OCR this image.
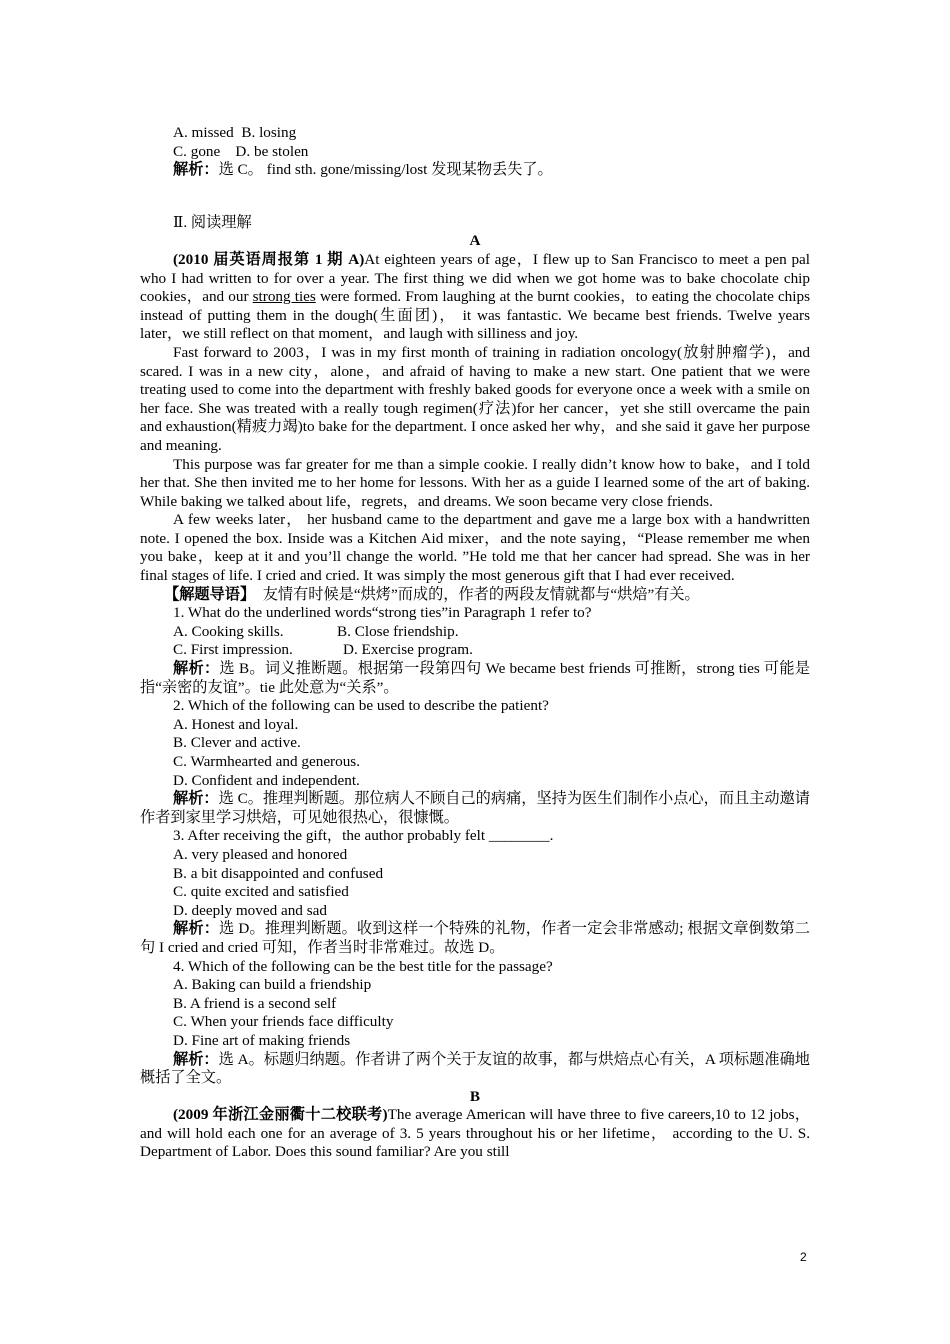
A. missed  B. losing

C. gone    D. be stolen

解析：选 C。 find sth. gone/missing/lost 发现某物丢失了。

Ⅱ. 阅读理解

A

(2010 届英语周报第 1 期 A)At eighteen years of age，I flew up to San Francisco to meet a pen pal who I had written to for over a year. The first thing we did when we got home was to bake chocolate chip cookies，and our strong ties were formed. From laughing at the burnt cookies，to eating the chocolate chips instead of putting them in the dough(生面团)， it was fantastic. We became best friends. Twelve years later，we still reflect on that moment，and laugh with silliness and joy.

Fast forward to 2003，I was in my first month of training in radiation oncology(放射肿瘤学)，and scared. I was in a new city，alone，and afraid of having to make a new start. One patient that we were treating used to come into the department with freshly baked goods for everyone once a week with a smile on her face. She was treated with a really tough regimen(疗法)for her cancer，yet she still overcame the pain and exhaustion(精疲力竭)to bake for the department. I once asked her why，and she said it gave her purpose and meaning.

This purpose was far greater for me than a simple cookie. I really didn’t know how to bake，and I told her that. She then invited me to her home for lessons. With her as a guide I learned some of the art of baking. While baking we talked about life，regrets，and dreams. We soon became very close friends.

A few weeks later， her husband came to the department and gave me a large box with a handwritten note. I opened the box. Inside was a Kitchen Aid mixer，and the note saying，“Please remember me when you bake，keep at it and you’ll change the world. ”He told me that her cancer had spread. She was in her final stages of life. I cried and cried. It was simply the most generous gift that I had ever received.

【解题导语】  友情有时候是“烘烤”而成的，作者的两段友情就都与“烘焙”有关。

1. What do the underlined words“strong ties”in Paragraph 1 refer to?

A. Cooking skills.	B. Close friendship.

C. First impression.	D. Exercise program.

解析：选 B。词义推断题。根据第一段第四句 We became best friends 可推断，strong ties 可能是指“亲密的友谊”。tie 此处意为“关系”。

2. Which of the following can be used to describe the patient?

A. Honest and loyal.

B. Clever and active.

C. Warmhearted and generous.

D. Confident and independent.

解析：选 C。推理判断题。那位病人不顾自己的病痛，坚持为医生们制作小点心，而且主动邀请作者到家里学习烘焙，可见她很热心，很慷慨。

3. After receiving the gift，the author probably felt ________.

A. very pleased and honored

B. a bit disappointed and confused

C. quite excited and satisfied

D. deeply moved and sad

解析：选 D。推理判断题。收到这样一个特殊的礼物，作者一定会非常感动; 根据文章倒数第二句 I cried and cried 可知，作者当时非常难过。故选 D。

4. Which of the following can be the best title for the passage?

A. Baking can build a friendship

B. A friend is a second self

C. When your friends face difficulty

D. Fine art of making friends

解析：选 A。标题归纳题。作者讲了两个关于友谊的故事，都与烘焙点心有关，A 项标题准确地概括了全文。

B

(2009 年浙江金丽衢十二校联考)The average American will have three to five careers,10 to 12 jobs， and will hold each one for an average of 3. 5 years throughout his or her lifetime， according to the U. S. Department of Labor. Does this sound familiar? Are you still

2
